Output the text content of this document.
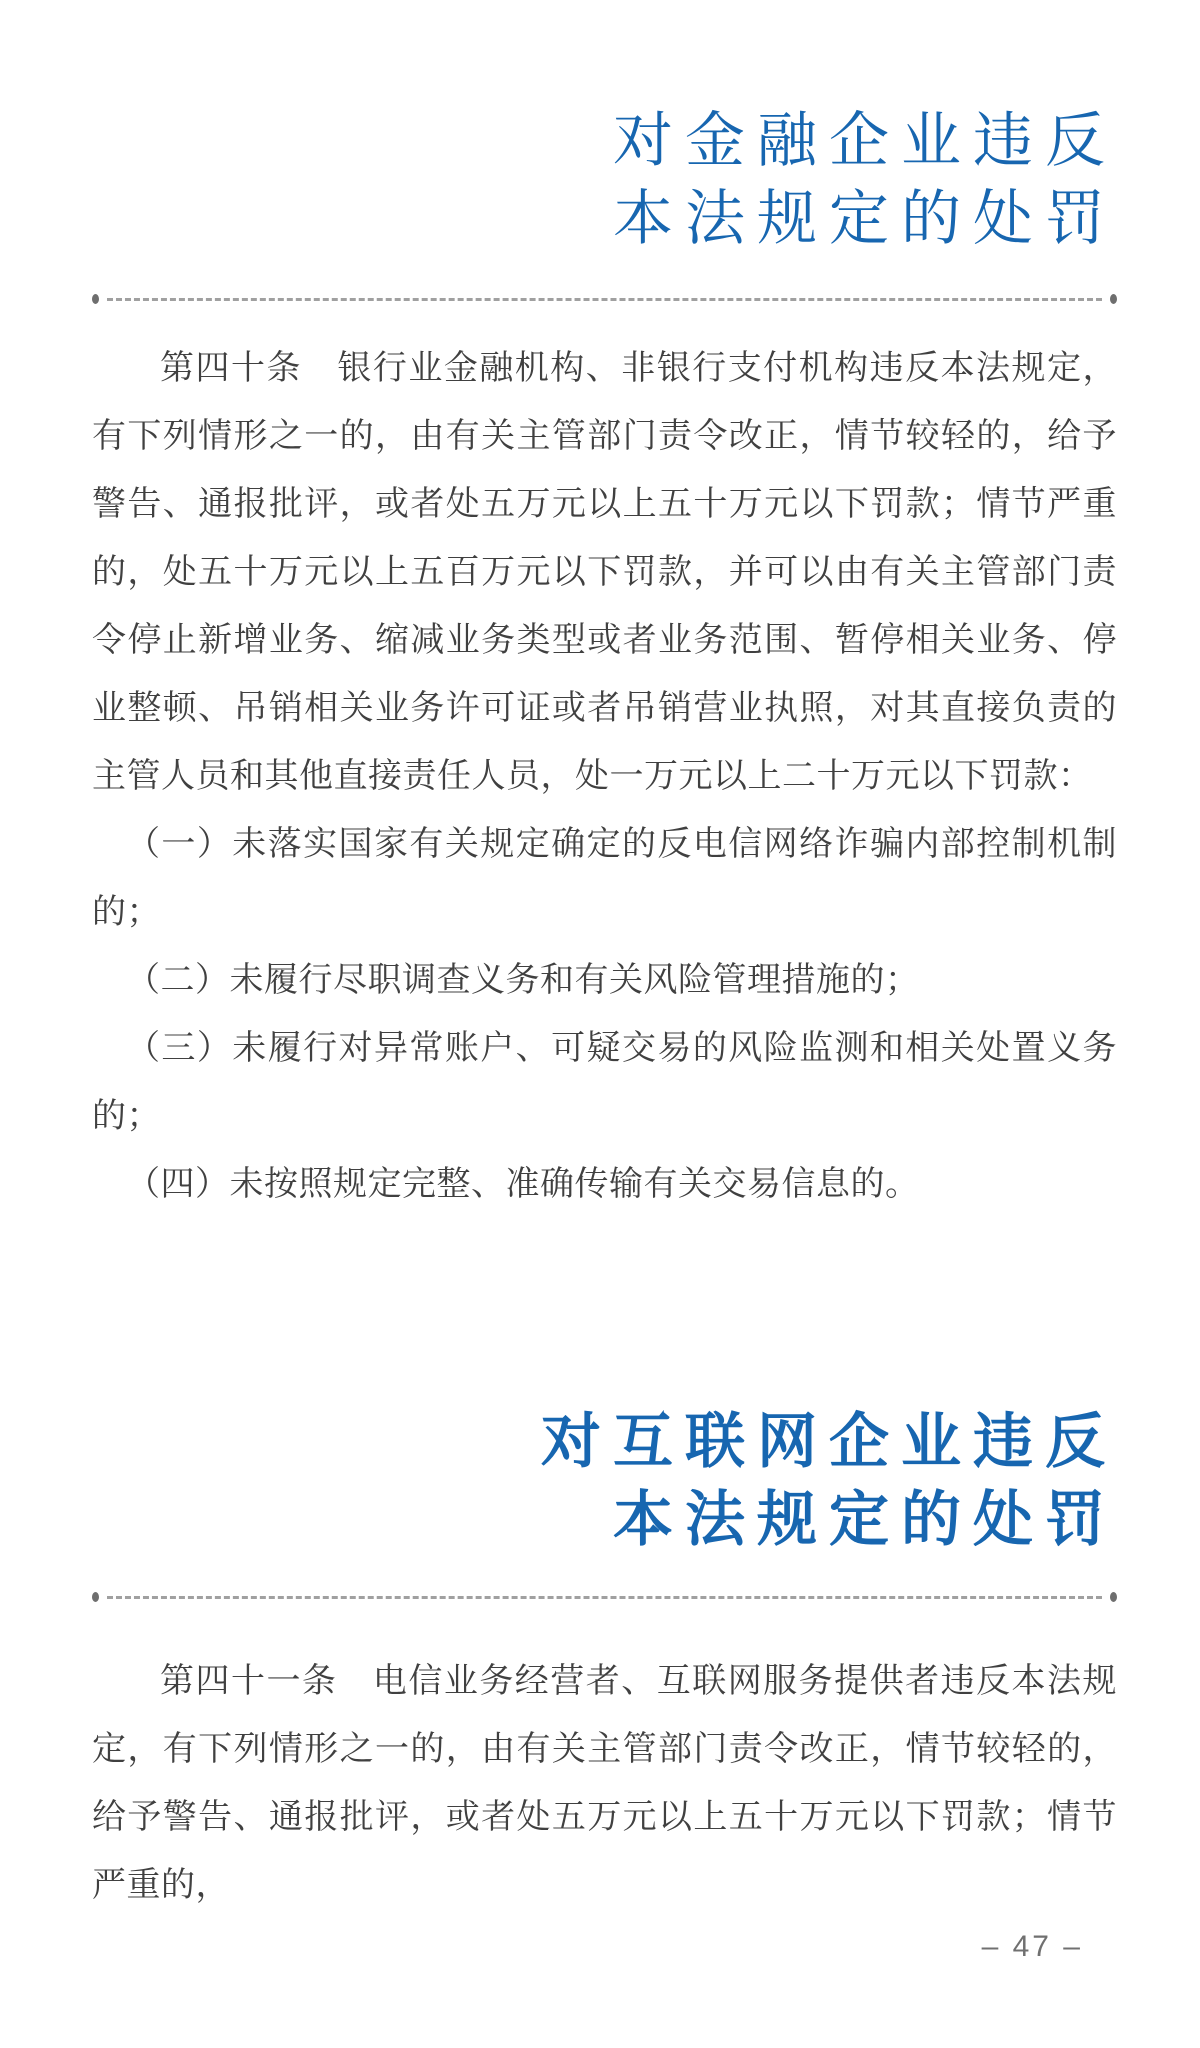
对金融企业违反
本法规定的处罚

第四十条　银行业金融机构、非银行支付机构违反本法规定，有下列情形之一的，由有关主管部门责令改正，情节较轻的，给予警告、通报批评，或者处五万元以上五十万元以下罚款；情节严重的，处五十万元以上五百万元以下罚款，并可以由有关主管部门责令停止新增业务、缩减业务类型或者业务范围、暂停相关业务、停业整顿、吊销相关业务许可证或者吊销营业执照，对其直接负责的主管人员和其他直接责任人员，处一万元以上二十万元以下罚款：

（一）未落实国家有关规定确定的反电信网络诈骗内部控制机制的；

（二）未履行尽职调查义务和有关风险管理措施的；

（三）未履行对异常账户、可疑交易的风险监测和相关处置义务的；

（四）未按照规定完整、准确传输有关交易信息的。

对互联网企业违反
本法规定的处罚

第四十一条　电信业务经营者、互联网服务提供者违反本法规定，有下列情形之一的，由有关主管部门责令改正，情节较轻的，给予警告、通报批评，或者处五万元以上五十万元以下罚款；情节严重的，

– 47 –
